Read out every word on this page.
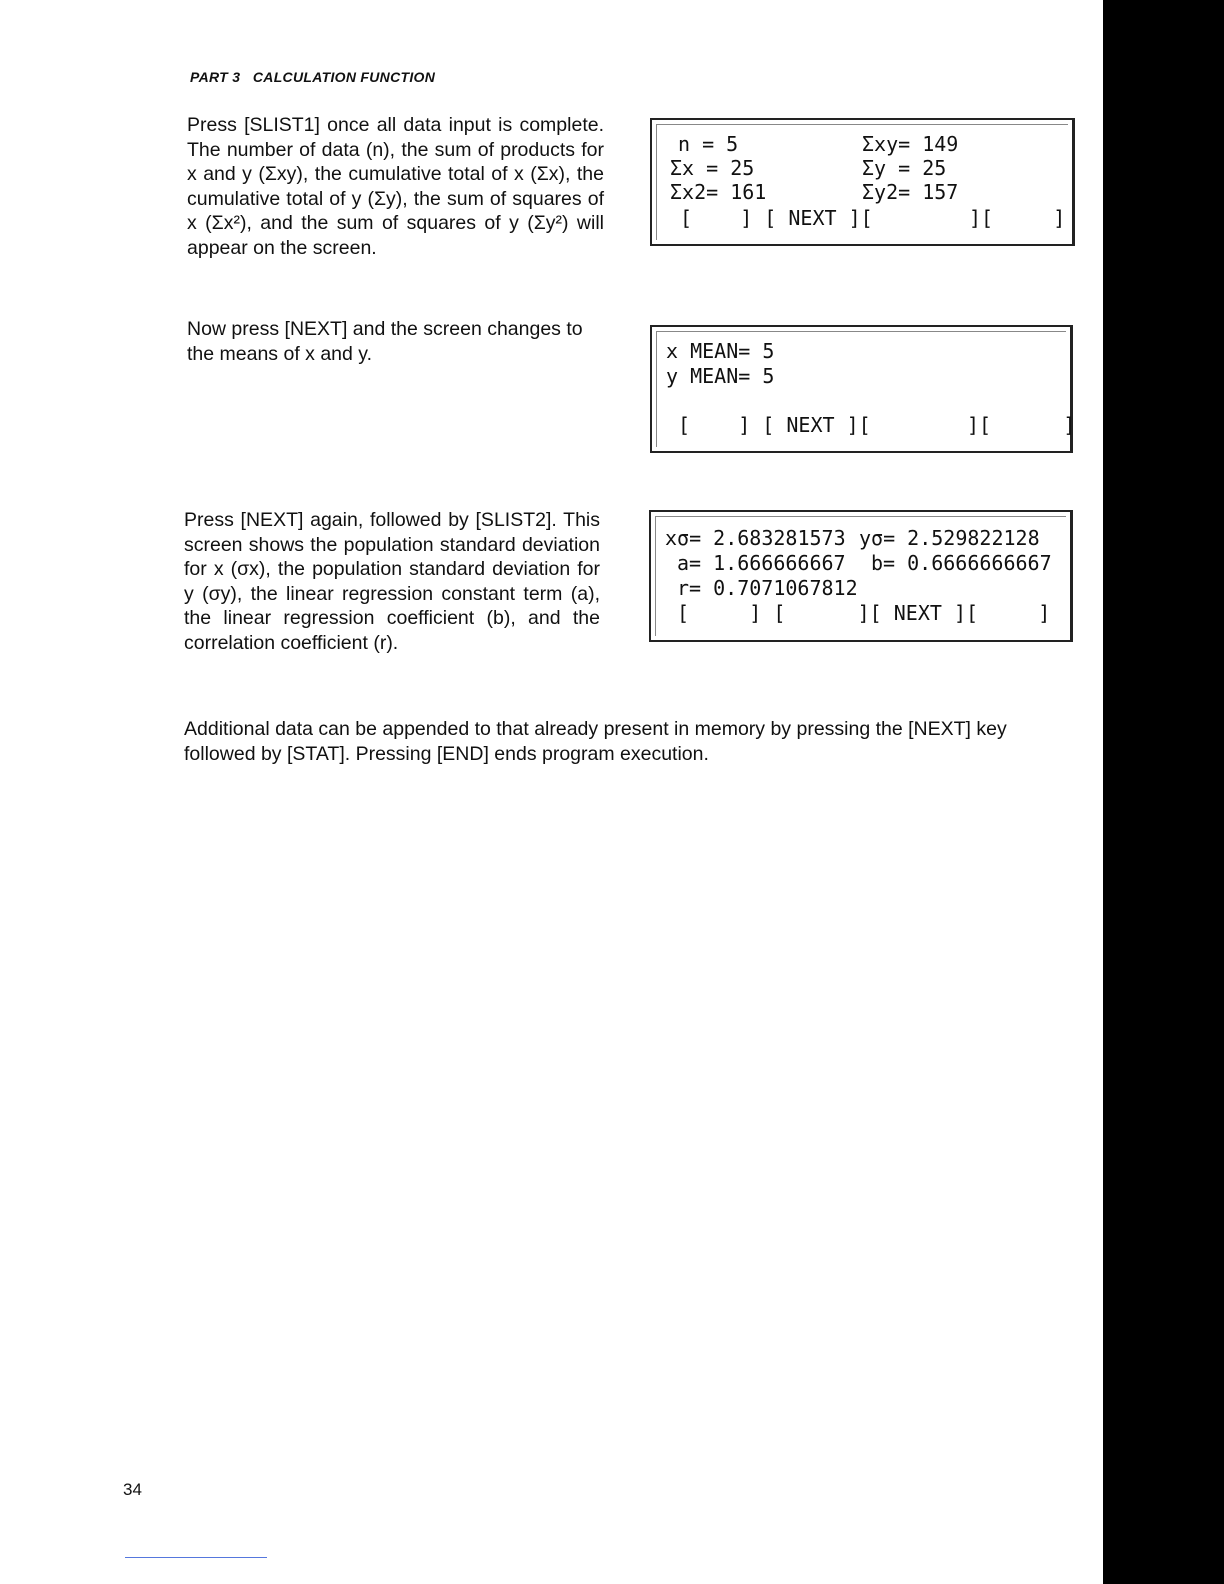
PART 3 CALCULATION FUNCTION
Press [SLIST1] once all data input is complete. The number of data (n), the sum of products for x and y (Σxy), the cumulative total of x (Σx), the cumulative total of y (Σy), the sum of squares of x (Σx²), and the sum of squares of y (Σy²) will appear on the screen.
Now press [NEXT] and the screen changes to the means of x and y.
Press [NEXT] again, followed by [SLIST2]. This screen shows the population standard deviation for x (σx), the population standard deviation for y (σy), the linear regression constant term (a), the linear regression coefficient (b), and the correlation coefficient (r).
Additional data can be appended to that already present in memory by pressing the [NEXT] key followed by [STAT]. Pressing [END] ends program execution.
n = 5	Σxy= 149
Σx = 25	Σy = 25
Σx2= 161	Σy2= 157
[    ] [ NEXT ][        ][     ]
x MEAN= 5
y MEAN= 5
[    ] [ NEXT ][        ][      ]
xσ= 2.683281573 yσ= 2.529822128
a= 1.666666667 b= 0.6666666667
r= 0.7071067812
[     ] [      ][ NEXT ][     ]
34
